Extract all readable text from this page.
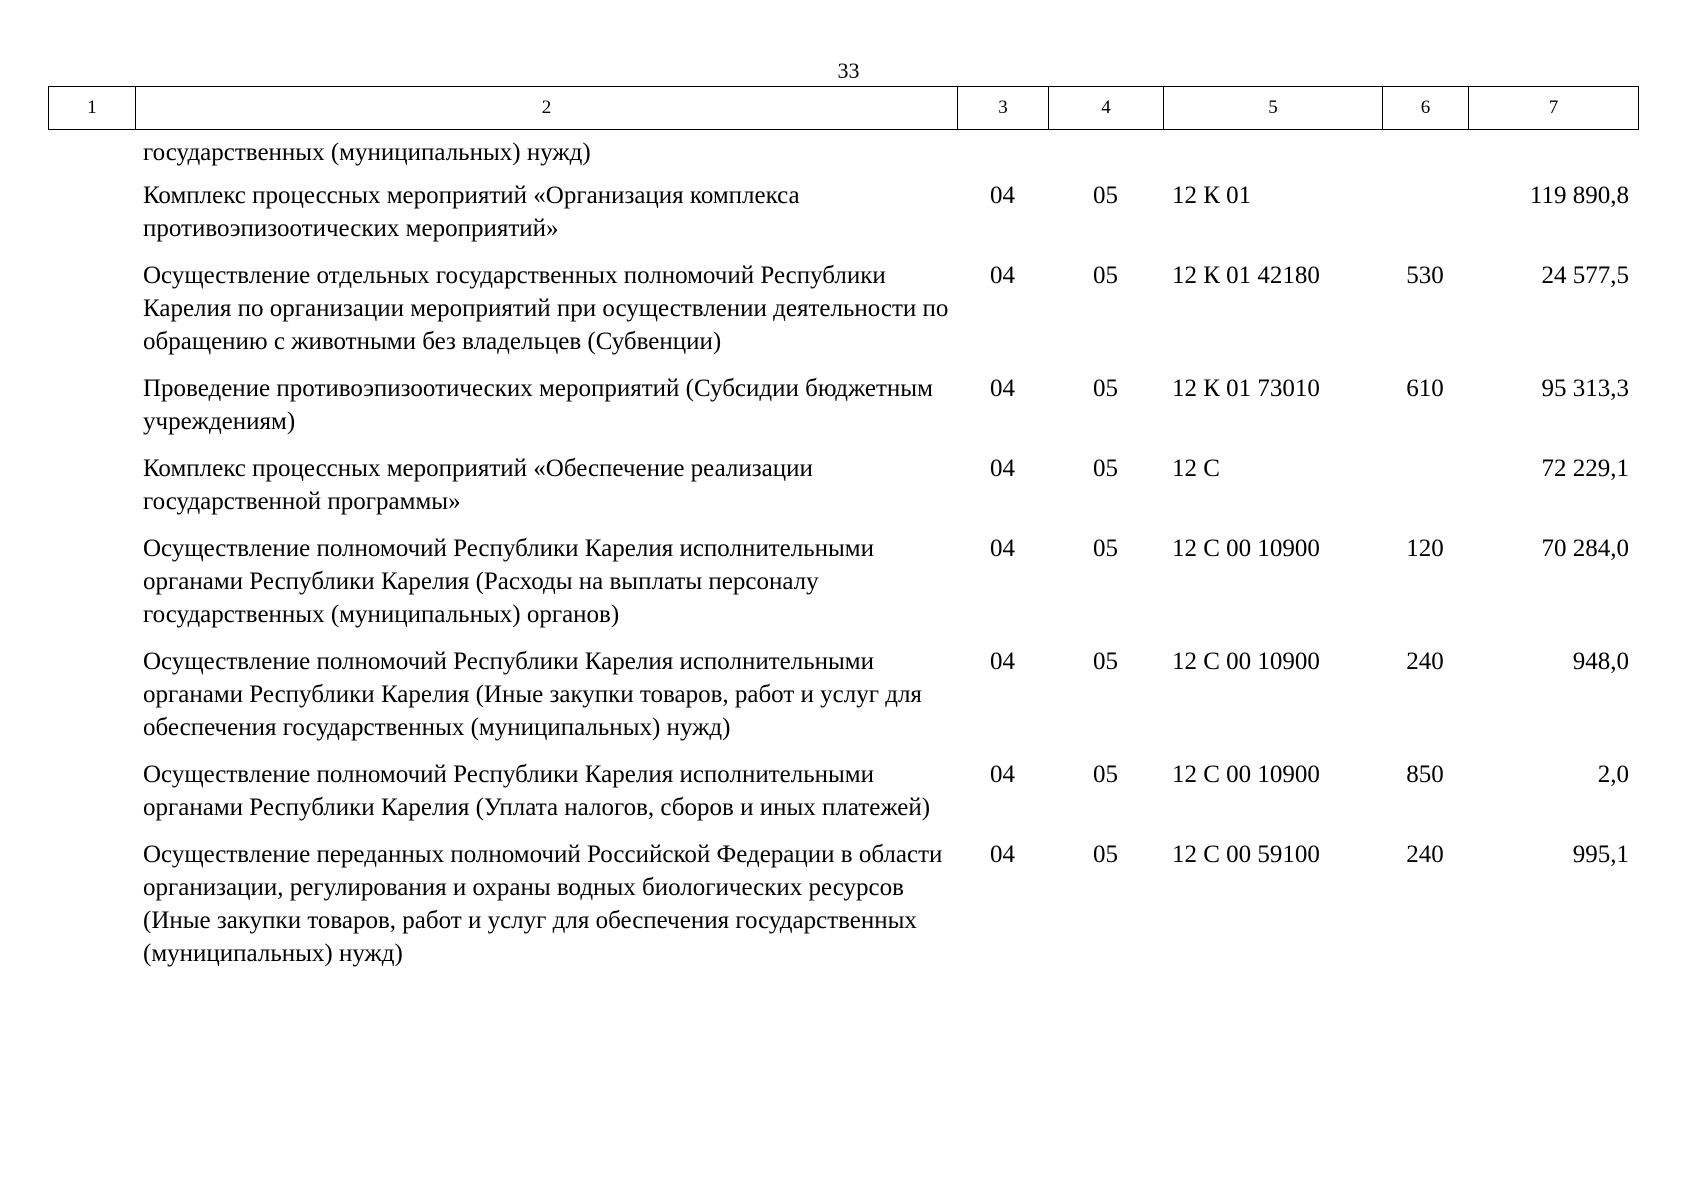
33
1	2	3	4	5	6	7
государственных (муниципальных) нужд)					
Комплекс процессных мероприятий «Организация комплекса противоэпизоотических мероприятий»	04	05	12 К 01		119 890,8
Осуществление отдельных государственных полномочий Республики Карелия по организации мероприятий при осуществлении деятельности по обращению с животными без владельцев (Субвенции)	04	05	12 К 01 42180	530	24 577,5
Проведение противоэпизоотических мероприятий (Субсидии бюджетным учреждениям)	04	05	12 К 01 73010	610	95 313,3
Комплекс процессных мероприятий «Обеспечение реализации государственной программы»	04	05	12 С		72 229,1
Осуществление полномочий Республики Карелия исполнительными органами Республики Карелия (Расходы на выплаты персоналу государственных (муниципальных) органов)	04	05	12 С 00 10900	120	70 284,0
Осуществление полномочий Республики Карелия исполнительными органами Республики Карелия (Иные закупки товаров, работ и услуг для обеспечения государственных (муниципальных) нужд)	04	05	12 С 00 10900	240	948,0
Осуществление полномочий Республики Карелия исполнительными органами Республики Карелия (Уплата налогов, сборов и иных платежей)	04	05	12 С 00 10900	850	2,0
Осуществление переданных полномочий Российской Федерации в области организации, регулирования и охраны водных биологических ресурсов (Иные закупки товаров, работ и услуг для обеспечения государственных (муниципальных) нужд)	04	05	12 С 00 59100	240	995,1
